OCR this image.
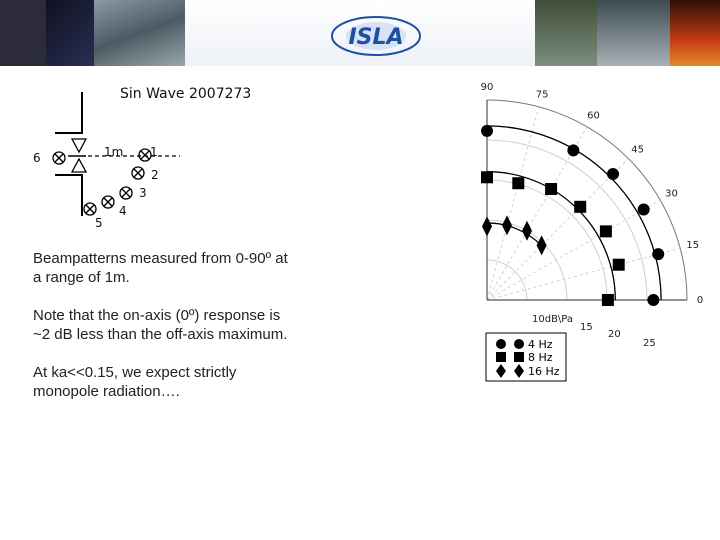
ISLA
Sin Wave 2007273
1m 1
2
3
4
5
6
0
15
30
45
60
75
90
15
20
25
10dB\Pa
4 Hz
8 Hz
16 Hz

Beampatterns measured from 0-90º at a range of 1m.

Note that the on-axis (0º) response is ~2 dB less than the off-axis maximum.

At ka<<0.15, we expect strictly monopole radiation….
